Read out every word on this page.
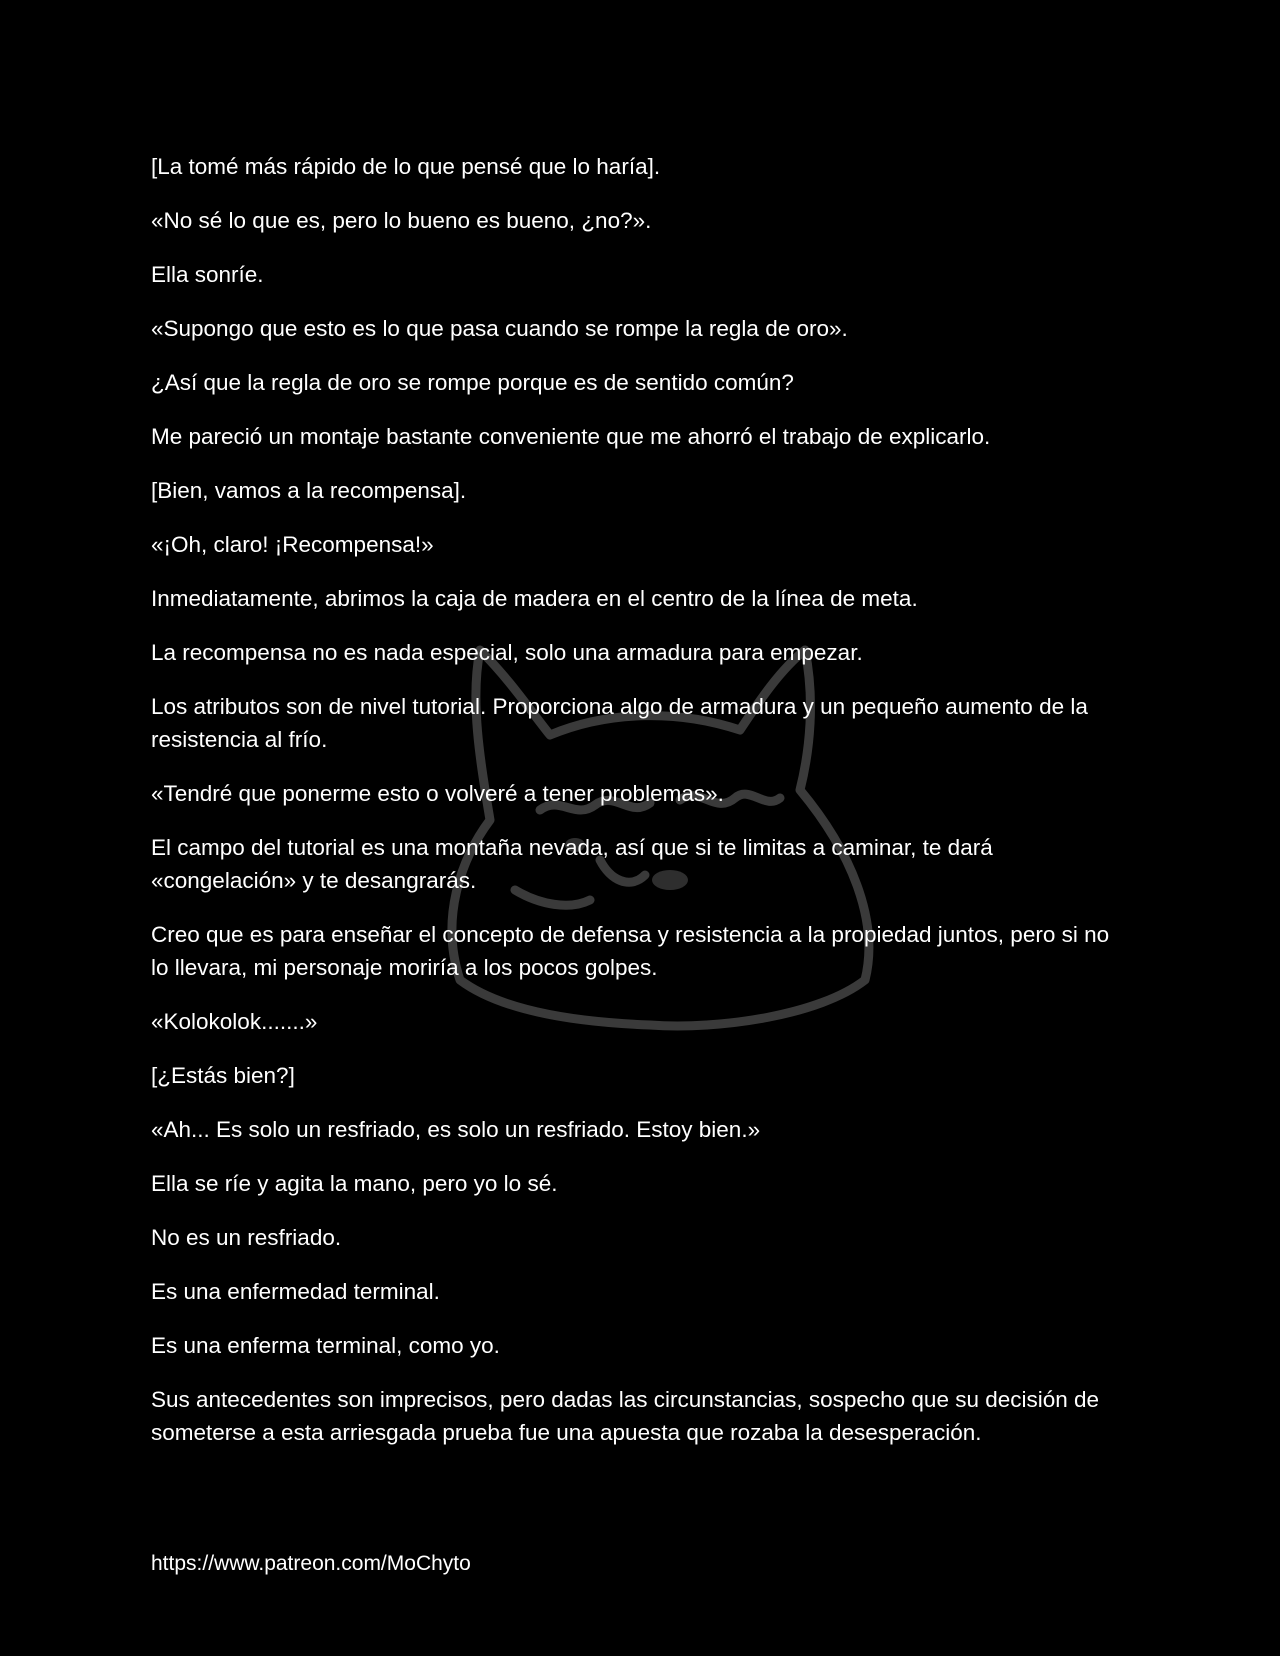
[La tomé más rápido de lo que pensé que lo haría].

«No sé lo que es, pero lo bueno es bueno, ¿no?».

Ella sonríe.

«Supongo que esto es lo que pasa cuando se rompe la regla de oro».

¿Así que la regla de oro se rompe porque es de sentido común?

Me pareció un montaje bastante conveniente que me ahorró el trabajo de explicarlo.

[Bien, vamos a la recompensa].

«¡Oh, claro! ¡Recompensa!»

Inmediatamente, abrimos la caja de madera en el centro de la línea de meta.

La recompensa no es nada especial, solo una armadura para empezar.

Los atributos son de nivel tutorial. Proporciona algo de armadura y un pequeño aumento de la resistencia al frío.

«Tendré que ponerme esto o volveré a tener problemas».

El campo del tutorial es una montaña nevada, así que si te limitas a caminar, te dará «congelación» y te desangrarás.

Creo que es para enseñar el concepto de defensa y resistencia a la propiedad juntos, pero si no lo llevara, mi personaje moriría a los pocos golpes.

«Kolokolok.......»

[¿Estás bien?]

«Ah... Es solo un resfriado, es solo un resfriado. Estoy bien.»

Ella se ríe y agita la mano, pero yo lo sé.

No es un resfriado.

Es una enfermedad terminal.

Es una enferma terminal, como yo.

Sus antecedentes son imprecisos, pero dadas las circunstancias, sospecho que su decisión de someterse a esta arriesgada prueba fue una apuesta que rozaba la desesperación.

https://www.patreon.com/MoChyto
